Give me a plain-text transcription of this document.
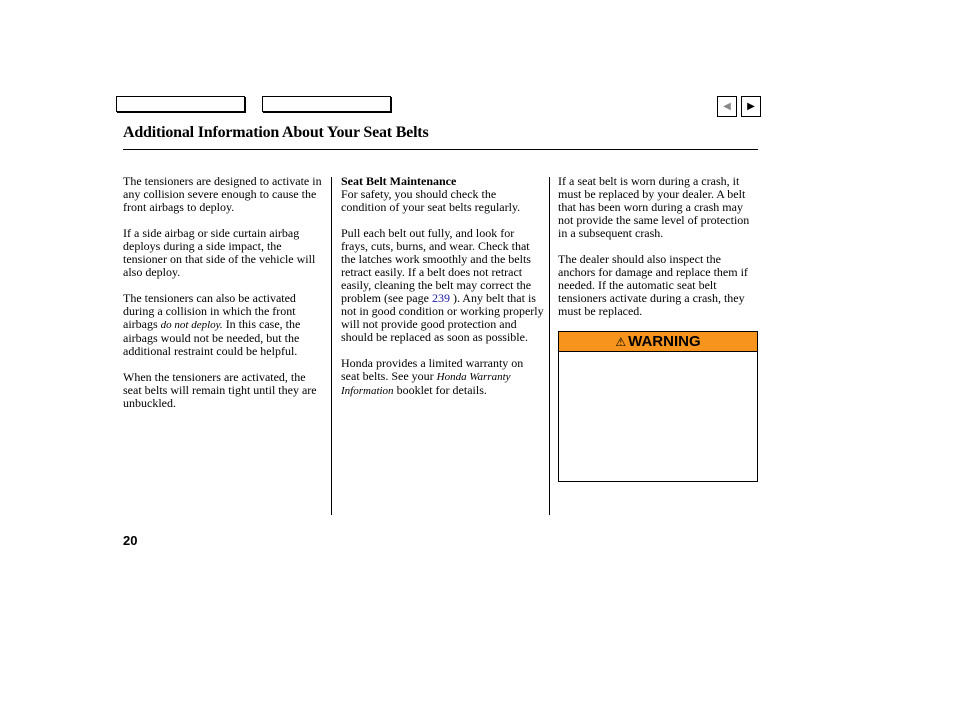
◀	▶
Additional Information About Your Seat Belts

The tensioners are designed to activate in any collision severe enough to cause the front airbags to deploy.

If a side airbag or side curtain airbag deploys during a side impact, the tensioner on that side of the vehicle will also deploy.

The tensioners can also be activated during a collision in which the front airbags do not deploy. In this case, the airbags would not be needed, but the additional restraint could be helpful.

When the tensioners are activated, the seat belts will remain tight until they are unbuckled.

Seat Belt Maintenance
For safety, you should check the condition of your seat belts regularly.

Pull each belt out fully, and look for frays, cuts, burns, and wear. Check that the latches work smoothly and the belts retract easily. If a belt does not retract easily, cleaning the belt may correct the problem (see page 239 ). Any belt that is not in good condition or working properly will not provide good protection and should be replaced as soon as possible.

Honda provides a limited warranty on seat belts. See your Honda Warranty Information booklet for details.

If a seat belt is worn during a crash, it must be replaced by your dealer. A belt that has been worn during a crash may not provide the same level of protection in a subsequent crash.

The dealer should also inspect the anchors for damage and replace them if needed. If the automatic seat belt tensioners activate during a crash, they must be replaced.

⚠ WARNING
20
